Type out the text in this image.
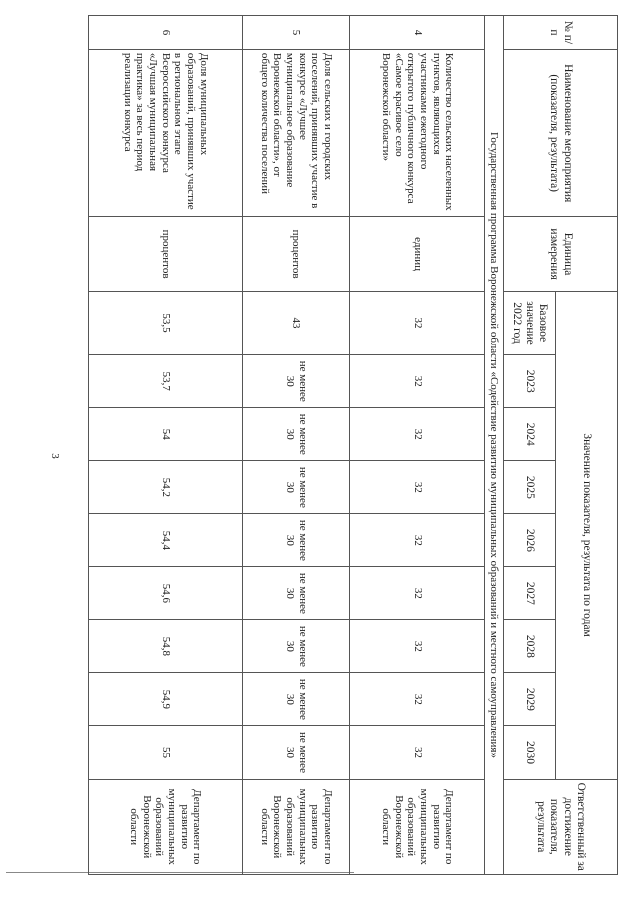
3
№ п/п	Наименование мероприятия (показателя, результата)	Единица измерения	Значение показателя, результата по годам									Ответственный за достижение показателя, результата
			Базовое значение 2022 год	2023	2024	2025	2026	2027	2028	2029	2030	
Государственная программа Воронежской области «Содействие развитию муниципальных образований и местного самоуправления»												
4	Количество сельских населенных пунктов, являющихся участниками ежегодного открытого публичного конкурса «Самое красивое село Воронежской области»	единиц	32	32	32	32	32	32	32	32	32	Департамент по развитию муниципальных образований Воронежской области
5	Доля сельских и городских поселений, принявших участие в конкурсе «Лучшее муниципальное образование Воронежской области», от общего количества поселений	процентов	43	не менее 30	не менее 30	не менее 30	не менее 30	не менее 30	не менее 30	не менее 30	не менее 30	Департамент по развитию муниципальных образований Воронежской области
6	Доля муниципальных образований, принявших участие в региональном этапе Всероссийского конкурса «Лучшая муниципальная практика» за весь период реализации конкурса	процентов	53,5	53,7	54	54,2	54,4	54,6	54,8	54,9	55	Департамент по развитию муниципальных образований Воронежской области
